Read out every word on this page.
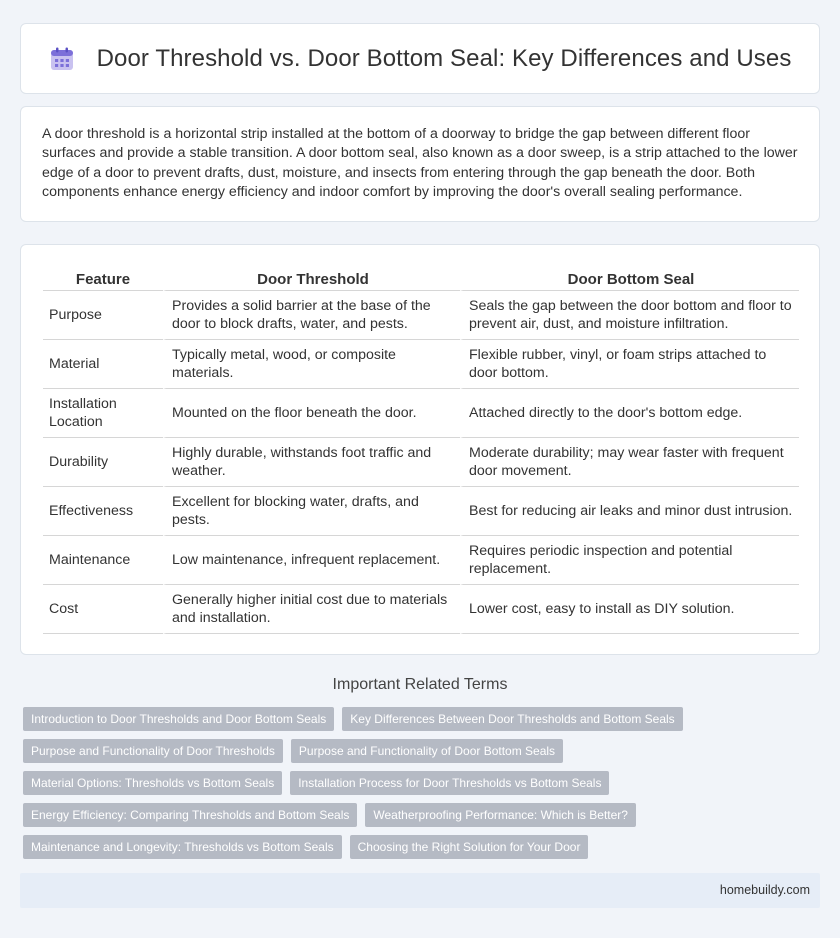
Door Threshold vs. Door Bottom Seal: Key Differences and Uses

A door threshold is a horizontal strip installed at the bottom of a doorway to bridge the gap between different floor surfaces and provide a stable transition. A door bottom seal, also known as a door sweep, is a strip attached to the lower edge of a door to prevent drafts, dust, moisture, and insects from entering through the gap beneath the door. Both components enhance energy efficiency and indoor comfort by improving the door's overall sealing performance.

Feature	Door Threshold	Door Bottom Seal
Purpose	Provides a solid barrier at the base of the door to block drafts, water, and pests.	Seals the gap between the door bottom and floor to prevent air, dust, and moisture infiltration.
Material	Typically metal, wood, or composite materials.	Flexible rubber, vinyl, or foam strips attached to door bottom.
Installation Location	Mounted on the floor beneath the door.	Attached directly to the door's bottom edge.
Durability	Highly durable, withstands foot traffic and weather.	Moderate durability; may wear faster with frequent door movement.
Effectiveness	Excellent for blocking water, drafts, and pests.	Best for reducing air leaks and minor dust intrusion.
Maintenance	Low maintenance, infrequent replacement.	Requires periodic inspection and potential replacement.
Cost	Generally higher initial cost due to materials and installation.	Lower cost, easy to install as DIY solution.
Important Related Terms
Introduction to Door Thresholds and Door Bottom Seals	Key Differences Between Door Thresholds and Bottom Seals
Purpose and Functionality of Door Thresholds	Purpose and Functionality of Door Bottom Seals
Material Options: Thresholds vs Bottom Seals	Installation Process for Door Thresholds vs Bottom Seals
Energy Efficiency: Comparing Thresholds and Bottom Seals	Weatherproofing Performance: Which is Better?
Maintenance and Longevity: Thresholds vs Bottom Seals	Choosing the Right Solution for Your Door
homebuildy.com
